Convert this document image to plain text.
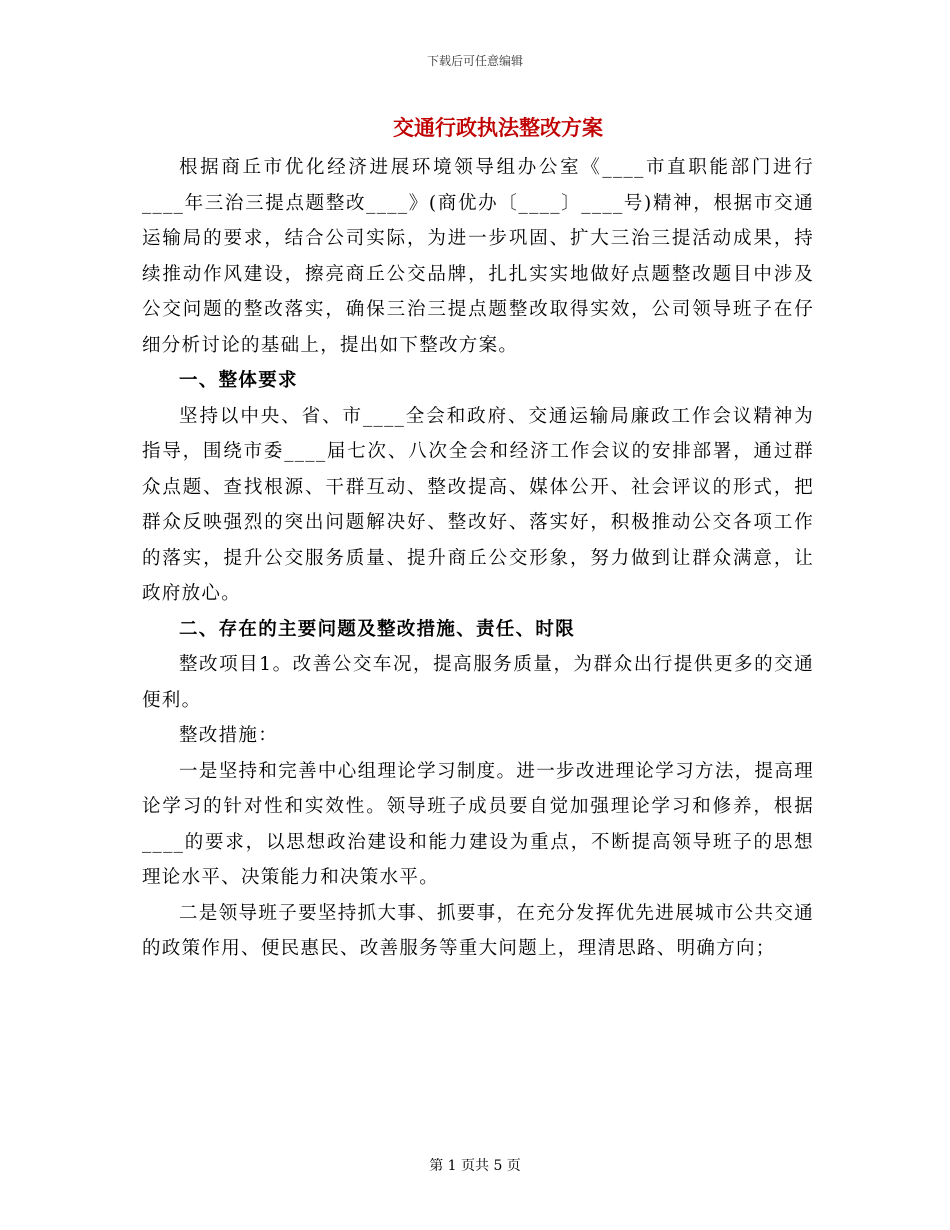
下载后可任意编辑
交通行政执法整改方案

根据商丘市优化经济进展环境领导组办公室《____市直职能部门进行____年三治三提点题整改____》(商优办〔____〕____号)精神，根据市交通运输局的要求，结合公司实际，为进一步巩固、扩大三治三提活动成果，持续推动作风建设，擦亮商丘公交品牌，扎扎实实地做好点题整改题目中涉及公交问题的整改落实，确保三治三提点题整改取得实效，公司领导班子在仔细分析讨论的基础上，提出如下整改方案。

一、整体要求

坚持以中央、省、市____全会和政府、交通运输局廉政工作会议精神为指导，围绕市委____届七次、八次全会和经济工作会议的安排部署，通过群众点题、查找根源、干群互动、整改提高、媒体公开、社会评议的形式，把群众反映强烈的突出问题解决好、整改好、落实好，积极推动公交各项工作的落实，提升公交服务质量、提升商丘公交形象，努力做到让群众满意，让政府放心。

二、存在的主要问题及整改措施、责任、时限

整改项目1。改善公交车况，提高服务质量，为群众出行提供更多的交通便利。

整改措施：

一是坚持和完善中心组理论学习制度。进一步改进理论学习方法，提高理论学习的针对性和实效性。领导班子成员要自觉加强理论学习和修养，根据____的要求，以思想政治建设和能力建设为重点，不断提高领导班子的思想理论水平、决策能力和决策水平。

二是领导班子要坚持抓大事、抓要事，在充分发挥优先进展城市公共交通的政策作用、便民惠民、改善服务等重大问题上，理清思路、明确方向；

第 1 页共 5 页
